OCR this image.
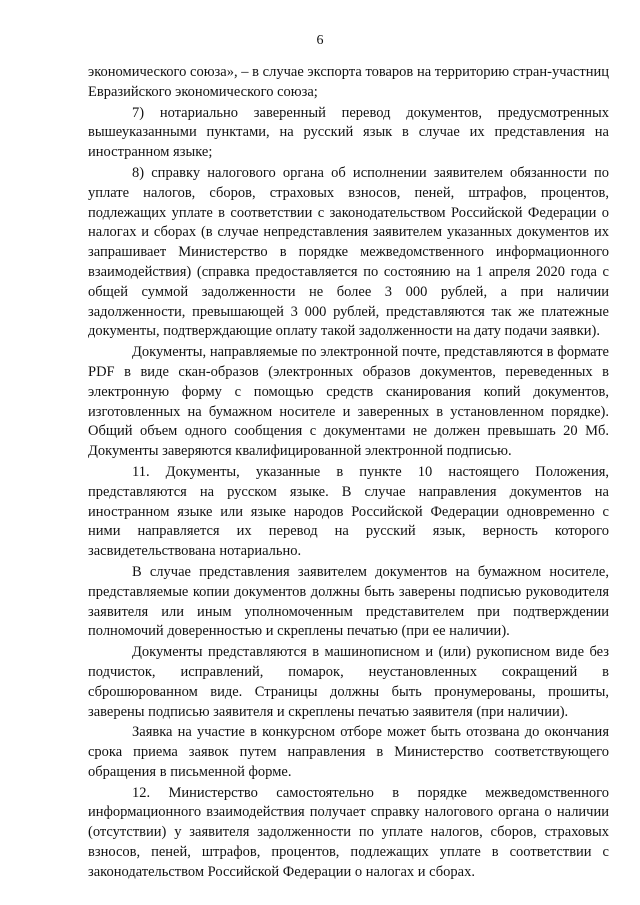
6

экономического союза», – в случае экспорта товаров на территорию стран-участниц Евразийского экономического союза;

7) нотариально заверенный перевод документов, предусмотренных вышеуказанными пунктами, на русский язык в случае их представления на иностранном языке;

8) справку налогового органа об исполнении заявителем обязанности по уплате налогов, сборов, страховых взносов, пеней, штрафов, процентов, подлежащих уплате в соответствии с законодательством Российской Федерации о налогах и сборах (в случае непредставления заявителем указанных документов их запрашивает Министерство в порядке межведомственного информационного взаимодействия) (справка предоставляется по состоянию на 1 апреля 2020 года с общей суммой задолженности не более 3 000 рублей, а при наличии задолженности, превышающей 3 000 рублей, представляются так же платежные документы, подтверждающие оплату такой задолженности на дату подачи заявки).

Документы, направляемые по электронной почте, представляются в формате PDF в виде скан-образов (электронных образов документов, переведенных в электронную форму с помощью средств сканирования копий документов, изготовленных на бумажном носителе и заверенных в установленном порядке). Общий объем одного сообщения с документами не должен превышать 20 Мб. Документы заверяются квалифицированной электронной подписью.

11. Документы, указанные в пункте 10 настоящего Положения, представляются на русском языке. В случае направления документов на иностранном языке или языке народов Российской Федерации одновременно с ними направляется их перевод на русский язык, верность которого засвидетельствована нотариально.

В случае представления заявителем документов на бумажном носителе, представляемые копии документов должны быть заверены подписью руководителя заявителя или иным уполномоченным представителем при подтверждении полномочий доверенностью и скреплены печатью (при ее наличии).

Документы представляются в машинописном и (или) рукописном виде без подчисток, исправлений, помарок, неустановленных сокращений в сброшюрованном виде. Страницы должны быть пронумерованы, прошиты, заверены подписью заявителя и скреплены печатью заявителя (при наличии).

Заявка на участие в конкурсном отборе может быть отозвана до окончания срока приема заявок путем направления в Министерство соответствующего обращения в письменной форме.

12. Министерство самостоятельно в порядке межведомственного информационного взаимодействия получает справку налогового органа о наличии (отсутствии) у заявителя задолженности по уплате налогов, сборов, страховых взносов, пеней, штрафов, процентов, подлежащих уплате в соответствии с законодательством Российской Федерации о налогах и сборах.
